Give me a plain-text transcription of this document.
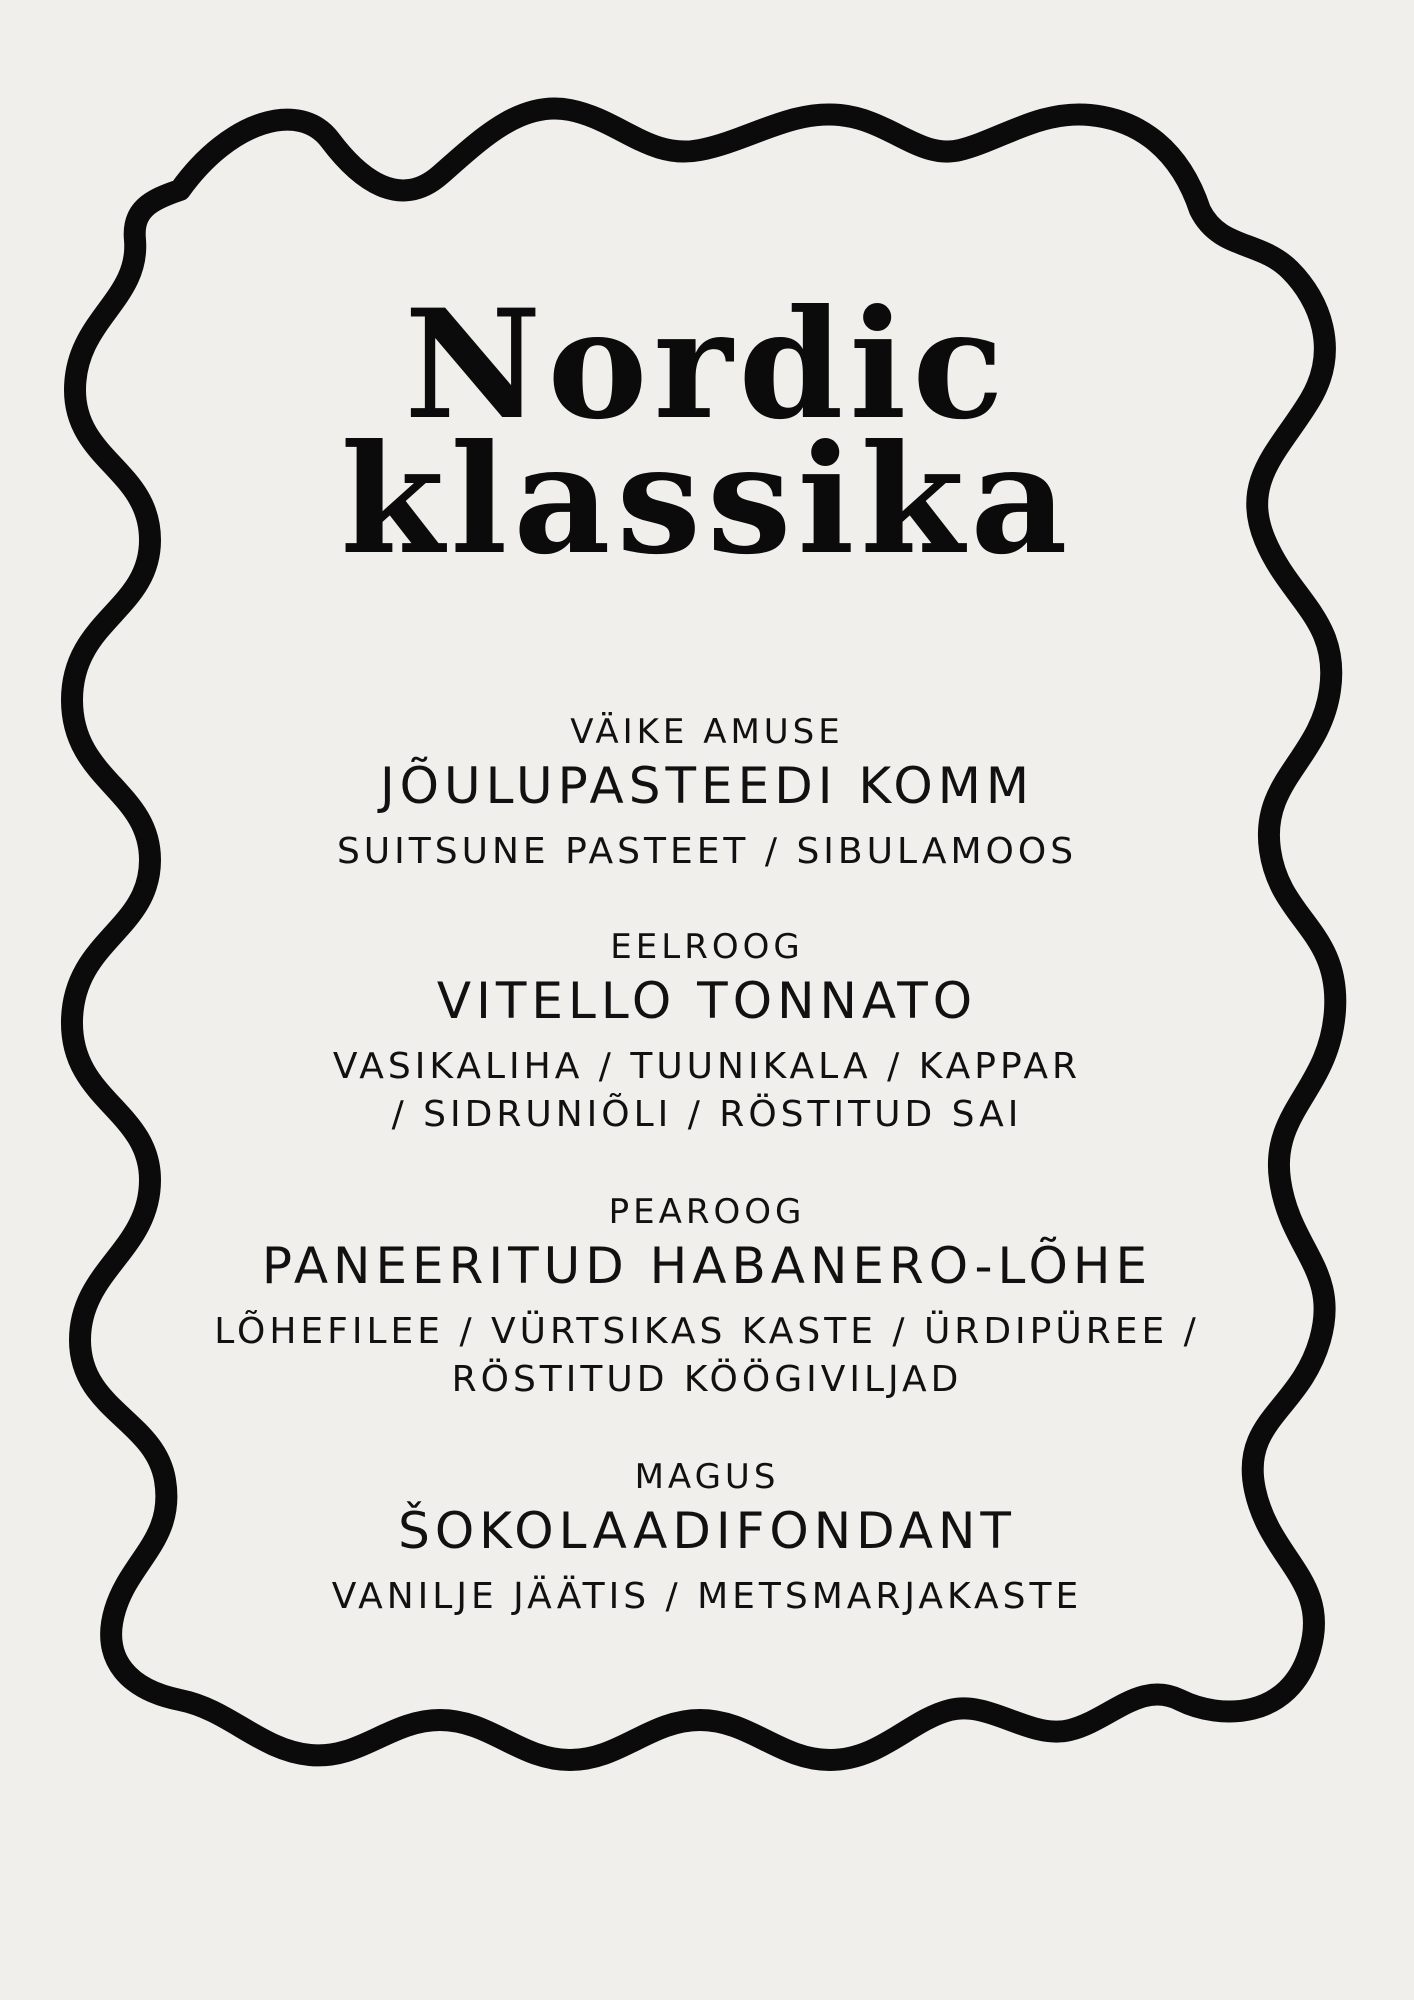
Nordic
klassika
VÄIKE AMUSE
JÕULUPASTEEDI KOMM
SUITSUNE PASTEET / SIBULAMOOS
EELROOG
VITELLO TONNATO
VASIKALIHA / TUUNIKALA / KAPPAR
/ SIDRUNIÕLI / RÖSTITUD SAI
PEAROOG
PANEERITUD HABANERO-LÕHE
LÕHEFILEE / VÜRTSIKAS KASTE / ÜRDIPÜREE /
RÖSTITUD KÖÖGIVILJAD
MAGUS
ŠOKOLAADIFONDANT
VANILJE JÄÄTIS / METSMARJAKASTE
